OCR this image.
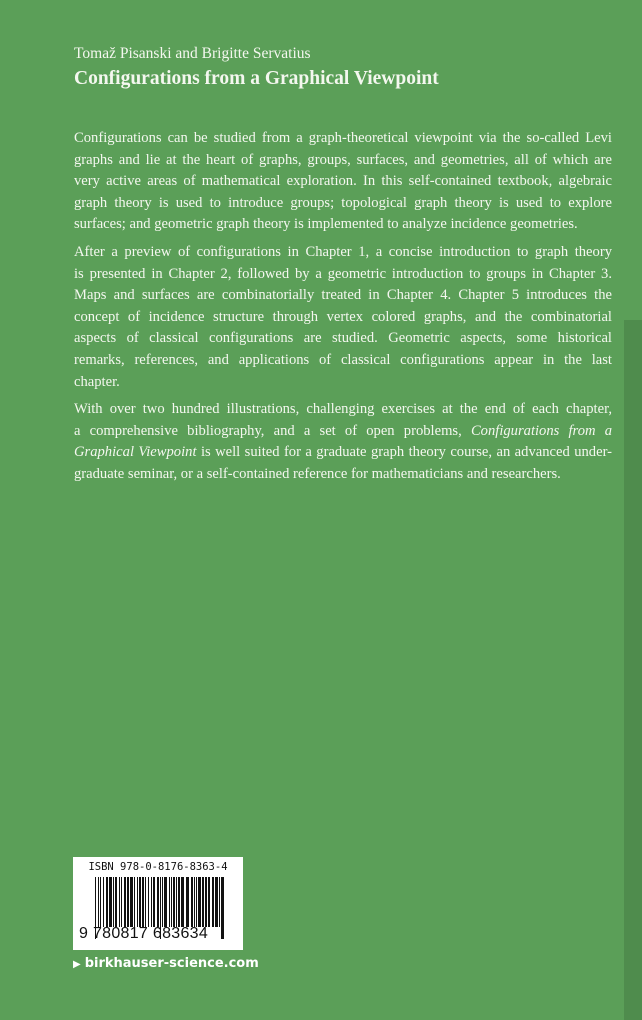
Tomaž Pisanski and Brigitte Servatius
Configurations from a Graphical Viewpoint
Configurations can be studied from a graph-theoretical viewpoint via the so-called Levi
graphs and lie at the heart of graphs, groups, surfaces, and geometries, all of which are
very active areas of mathematical exploration. In this self-contained textbook, algebraic
graph theory is used to introduce groups; topological graph theory is used to explore
surfaces; and geometric graph theory is implemented to analyze incidence geometries.
After a preview of configurations in Chapter 1, a concise introduction to graph theory
is presented in Chapter 2, followed by a geometric introduction to groups in Chapter 3.
Maps and surfaces are combinatorially treated in Chapter 4. Chapter 5 introduces the
concept of incidence structure through vertex colored graphs, and the combinatorial
aspects of classical configurations are studied. Geometric aspects, some historical
remarks, references, and applications of classical configurations appear in the last
chapter.
With over two hundred illustrations, challenging exercises at the end of each chapter,
a comprehensive bibliography, and a set of open problems, Configurations from a
Graphical Viewpoint is well suited for a graduate graph theory course, an advanced under-
graduate seminar, or a self-contained reference for mathematicians and researchers.
ISBN 978-0-8176-8363-4
9 780817 683634
▶ birkhauser-science.com
